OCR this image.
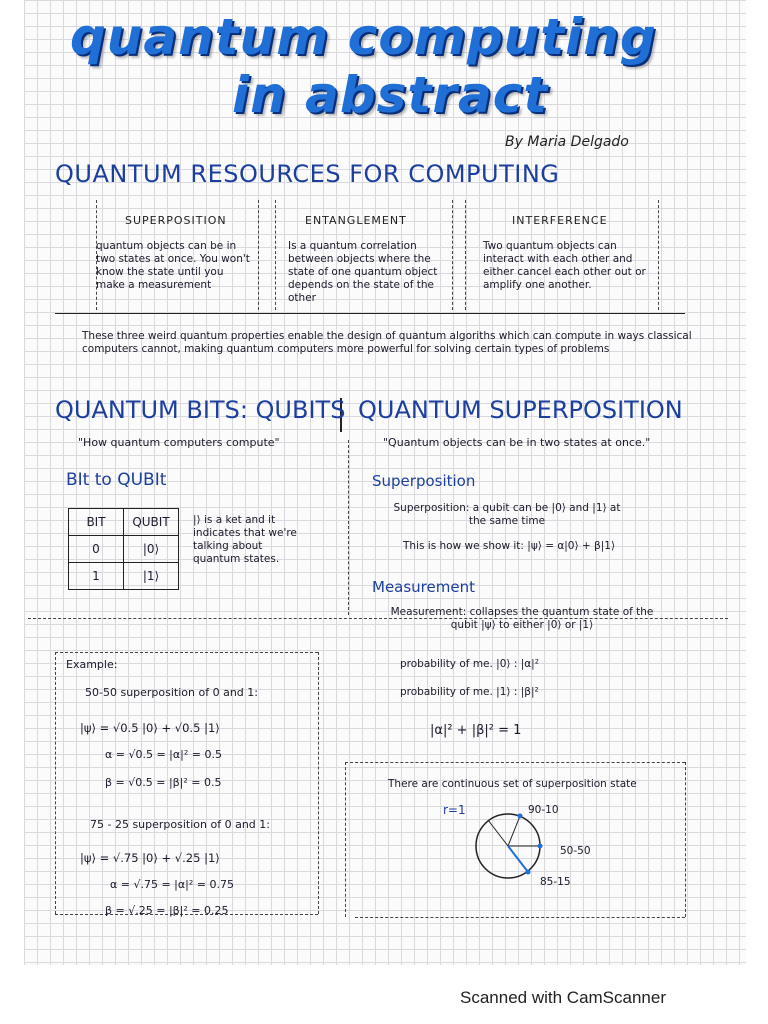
quantum computing
in abstract
By Maria Delgado
QUANTUM RESOURCES FOR COMPUTING
SUPERPOSITION
quantum objects can be in two states at once. You won't know the state until you make a measurement
ENTANGLEMENT
Is a quantum correlation between objects where the state of one quantum object depends on the state of the other
INTERFERENCE
Two quantum objects can interact with each other and either cancel each other out or amplify one another.
These three weird quantum properties enable the design of quantum algoriths which can compute in ways classical computers cannot, making quantum computers more powerful for solving certain types of problems
QUANTUM BITS: QUBITS
"How quantum computers compute"
BIt to QUBIt
BIT	QUBIT
0	|0⟩
1	|1⟩
|⟩ is a ket and it indicates that we're talking about quantum states.
QUANTUM SUPERPOSITION
"Quantum objects can be in two states at once."
Superposition
Superposition: a qubit can be |0⟩ and |1⟩ at the same time
This is how we show it: |ψ⟩ = α|0⟩ + β|1⟩
Measurement
Measurement: collapses the quantum state of the qubit |ψ⟩ to either |0⟩ or |1⟩
probability of me. |0⟩ : |α|²
probability of me. |1⟩ : |β|²
|α|² + |β|² = 1
There are continuous set of superposition state
r=1	90-10
50-50
85-15
Example:
50-50 superposition of 0 and 1:
|ψ⟩ = √0.5 |0⟩ + √0.5 |1⟩
α = √0.5 = |α|² = 0.5
β = √0.5 = |β|² = 0.5
75 - 25 superposition of 0 and 1:
|ψ⟩ = √.75 |0⟩ + √.25 |1⟩
α = √.75 = |α|² = 0.75
β = √.25 = |β|² = 0.25
Scanned with CamScanner
